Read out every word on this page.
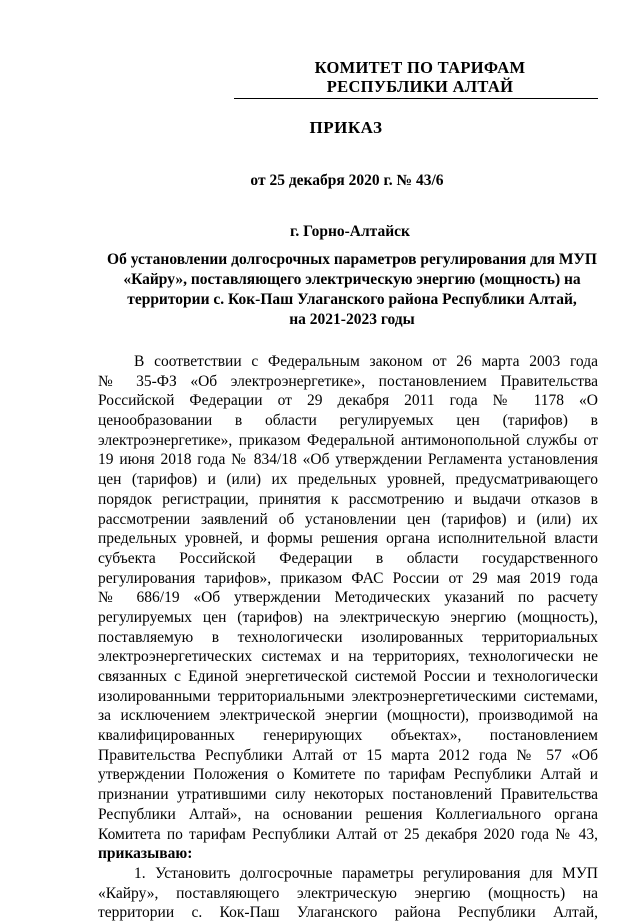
КОМИТЕТ ПО ТАРИФАМ
РЕСПУБЛИКИ АЛТАЙ
ПРИКАЗ
от 25 декабря 2020 г. № 43/6
г. Горно-Алтайск
Об установлении долгосрочных параметров регулирования для МУП
«Кайру», поставляющего электрическую энергию (мощность) на
территории с. Кок-Паш Улаганского района Республики Алтай,
на 2021-2023 годы
В соответствии с Федеральным законом от 26 марта 2003 года
№ 35-ФЗ «Об электроэнергетике», постановлением Правительства
Российской Федерации от 29 декабря 2011 года № 1178 «О
ценообразовании в области регулируемых цен (тарифов) в
электроэнергетике», приказом Федеральной антимонопольной службы от
19 июня 2018 года № 834/18 «Об утверждении Регламента установления
цен (тарифов) и (или) их предельных уровней, предусматривающего
порядок регистрации, принятия к рассмотрению и выдачи отказов в
рассмотрении заявлений об установлении цен (тарифов) и (или) их
предельных уровней, и формы решения органа исполнительной власти
субъекта Российской Федерации в области государственного
регулирования тарифов», приказом ФАС России от 29 мая 2019 года
№ 686/19 «Об утверждении Методических указаний по расчету
регулируемых цен (тарифов) на электрическую энергию (мощность),
поставляемую в технологически изолированных территориальных
электроэнергетических системах и на территориях, технологически не
связанных с Единой энергетической системой России и технологически
изолированными территориальными электроэнергетическими системами,
за исключением электрической энергии (мощности), производимой на
квалифицированных генерирующих объектах», постановлением
Правительства Республики Алтай от 15 марта 2012 года № 57 «Об
утверждении Положения о Комитете по тарифам Республики Алтай и
признании утратившими силу некоторых постановлений Правительства
Республики Алтай», на основании решения Коллегиального органа
Комитета по тарифам Республики Алтай от 25 декабря 2020 года № 43,
приказываю:
1. Установить долгосрочные параметры регулирования для МУП
«Кайру», поставляющего электрическую энергию (мощность) на
территории с. Кок-Паш Улаганского района Республики Алтай,
